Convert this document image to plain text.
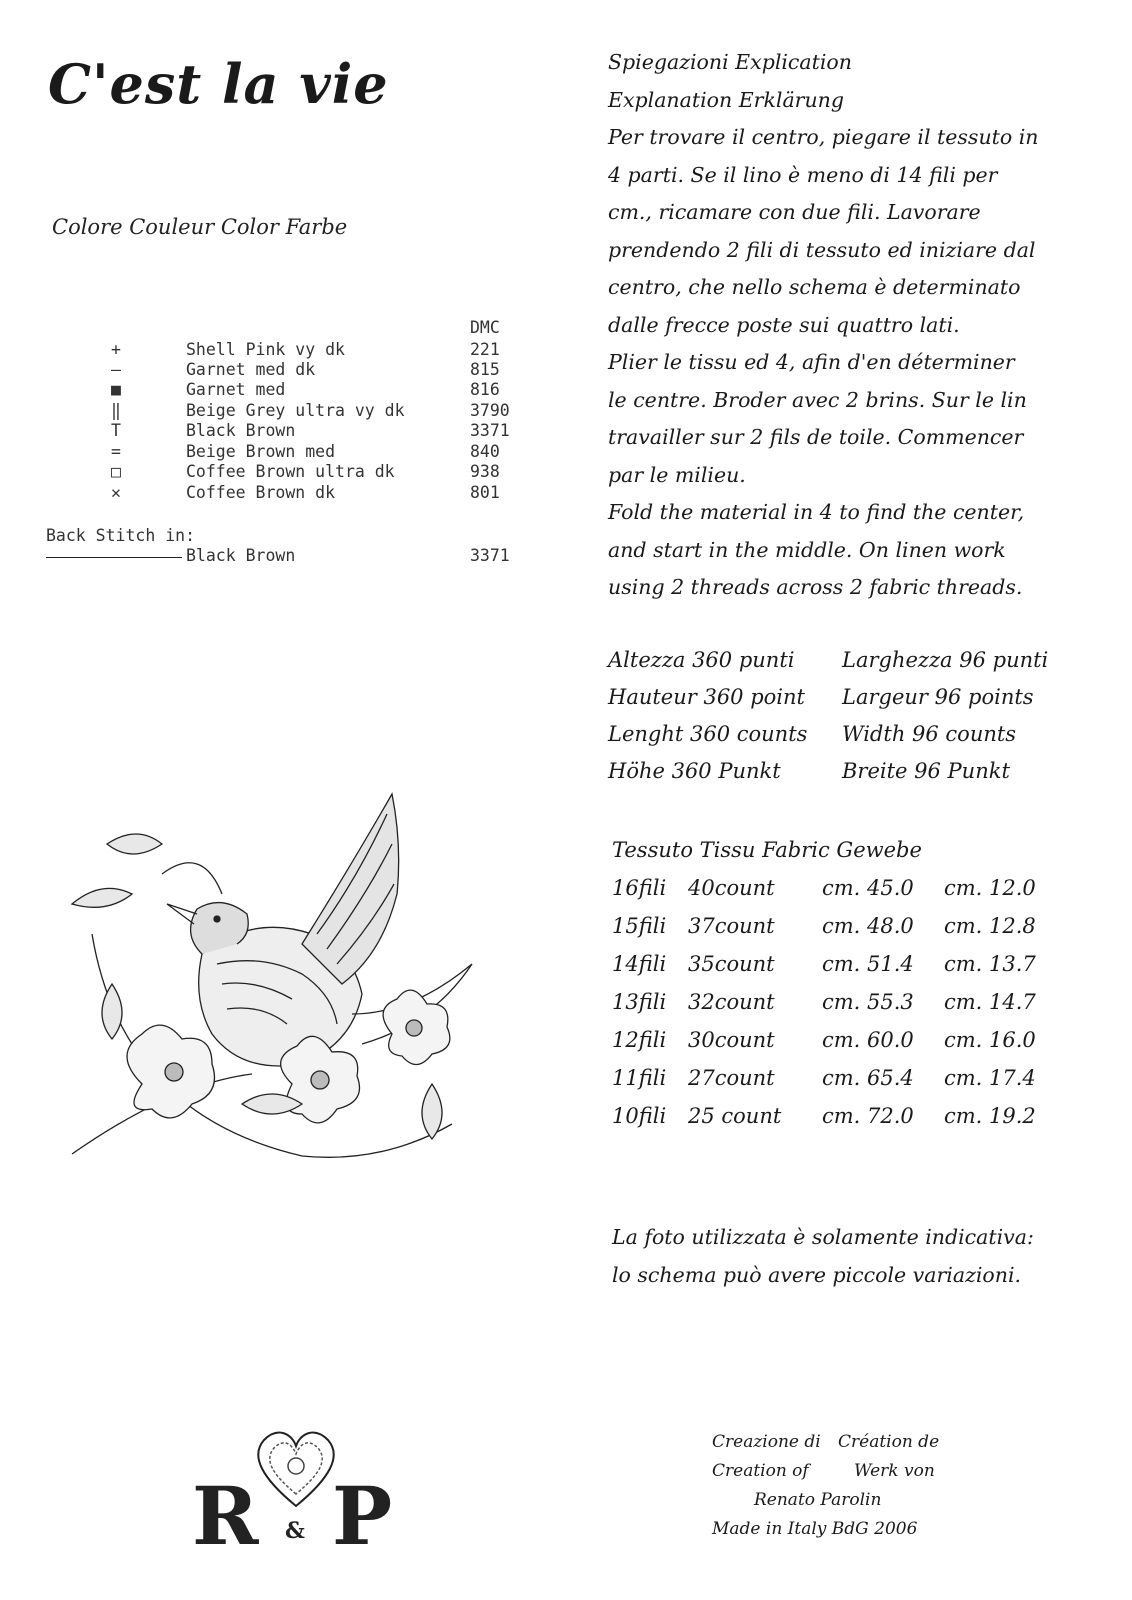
C'est la vie
Colore Couleur Color Farbe
DMC
+	Shell Pink vy dk	221
—	Garnet med dk	815
■	Garnet med	816
‖	Beige Grey ultra vy dk	3790
T	Black Brown	3371
=	Beige Brown med	840
□	Coffee Brown ultra dk	938
✕	Coffee Brown dk	801
Back Stitch in:
Black Brown	3371

Spiegazioni Explication

Explanation Erklärung

Per trovare il centro, piegare il tessuto in

4 parti. Se il lino è meno di 14 fili per

cm., ricamare con due fili. Lavorare

prendendo 2 fili di tessuto ed iniziare dal

centro, che nello schema è determinato

dalle frecce poste sui quattro lati.

Plier le tissu ed 4, afin d'en déterminer

le centre. Broder avec 2 brins. Sur le lin

travailler sur 2 fils de toile. Commencer

par le milieu.

Fold the material in 4 to find the center,

and start in the middle. On linen work

using 2 threads across 2 fabric threads.

Altezza 360 punti Larghezza 96 punti
Hauteur 360 point Largeur 96 points
Lenght 360 counts Width 96 counts
Höhe 360 Punkt	Breite 96 Punkt
Tessuto Tissu Fabric Gewebe
16fili 40count cm. 45.0 cm. 12.0
15fili 37count cm. 48.0 cm. 12.8
14fili 35count cm. 51.4 cm. 13.7
13fili 32count cm. 55.3 cm. 14.7
12fili 30count cm. 60.0 cm. 16.0
11fili 27count cm. 65.4 cm. 17.4
10fili 25 count cm. 72.0 cm. 19.2
La foto utilizzata è solamente indicativa:
lo schema può avere piccole variazioni.
Creazione di Création de
Creation of	Werk von
Renato Parolin
Made in Italy BdG 2006
R & P
